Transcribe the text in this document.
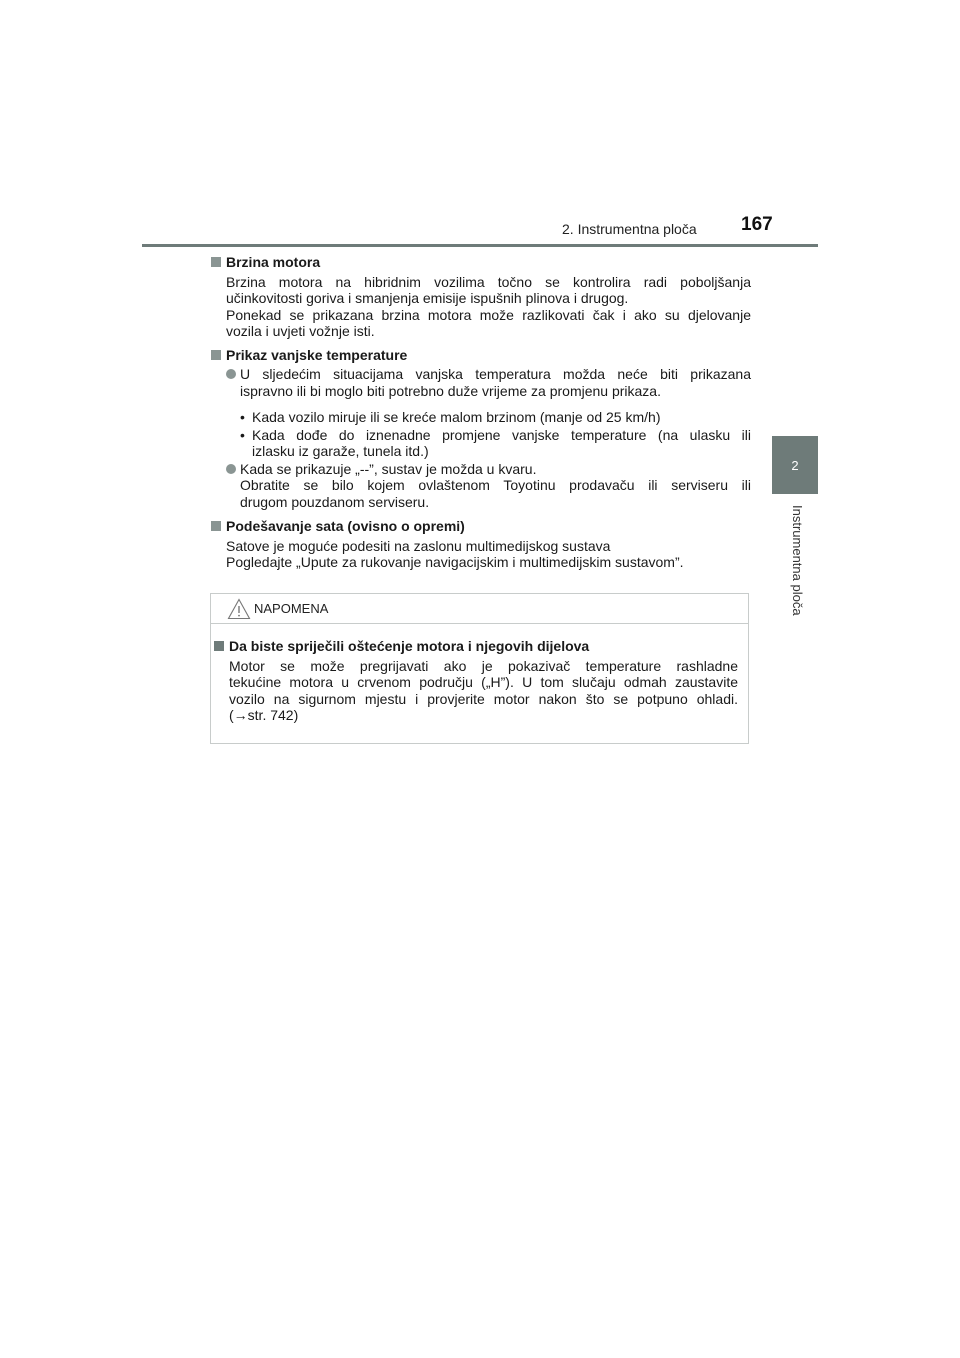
2. Instrumentna ploča 167
2
Instrumentna ploča
Brzina motora
Brzina motora na hibridnim vozilima točno se kontrolira radi poboljšanja
učinkovitosti goriva i smanjenja emisije ispušnih plinova i drugog.
Ponekad se prikazana brzina motora može razlikovati čak i ako su djelovanje
vozila i uvjeti vožnje isti.
Prikaz vanjske temperature
U sljedećim situacijama vanjska temperatura možda neće biti prikazana
ispravno ili bi moglo biti potrebno duže vrijeme za promjenu prikaza.
• Kada vozilo miruje ili se kreće malom brzinom (manje od 25 km/h)
• Kada dođe do iznenadne promjene vanjske temperature (na ulasku ili
izlasku iz garaže, tunela itd.)
Kada se prikazuje „--”, sustav je možda u kvaru.
Obratite se bilo kojem ovlaštenom Toyotinu prodavaču ili serviseru ili
drugom pouzdanom serviseru.
Podešavanje sata (ovisno o opremi)
Satove je moguće podesiti na zaslonu multimedijskog sustava
Pogledajte „Upute za rukovanje navigacijskim i multimedijskim sustavom”.
NAPOMENA
Da biste spriječili oštećenje motora i njegovih dijelova
Motor se može pregrijavati ako je pokazivač temperature rashladne
tekućine motora u crvenom području („H”). U tom slučaju odmah zaustavite
vozilo na sigurnom mjestu i provjerite motor nakon što se potpuno ohladi.
(→str. 742)
